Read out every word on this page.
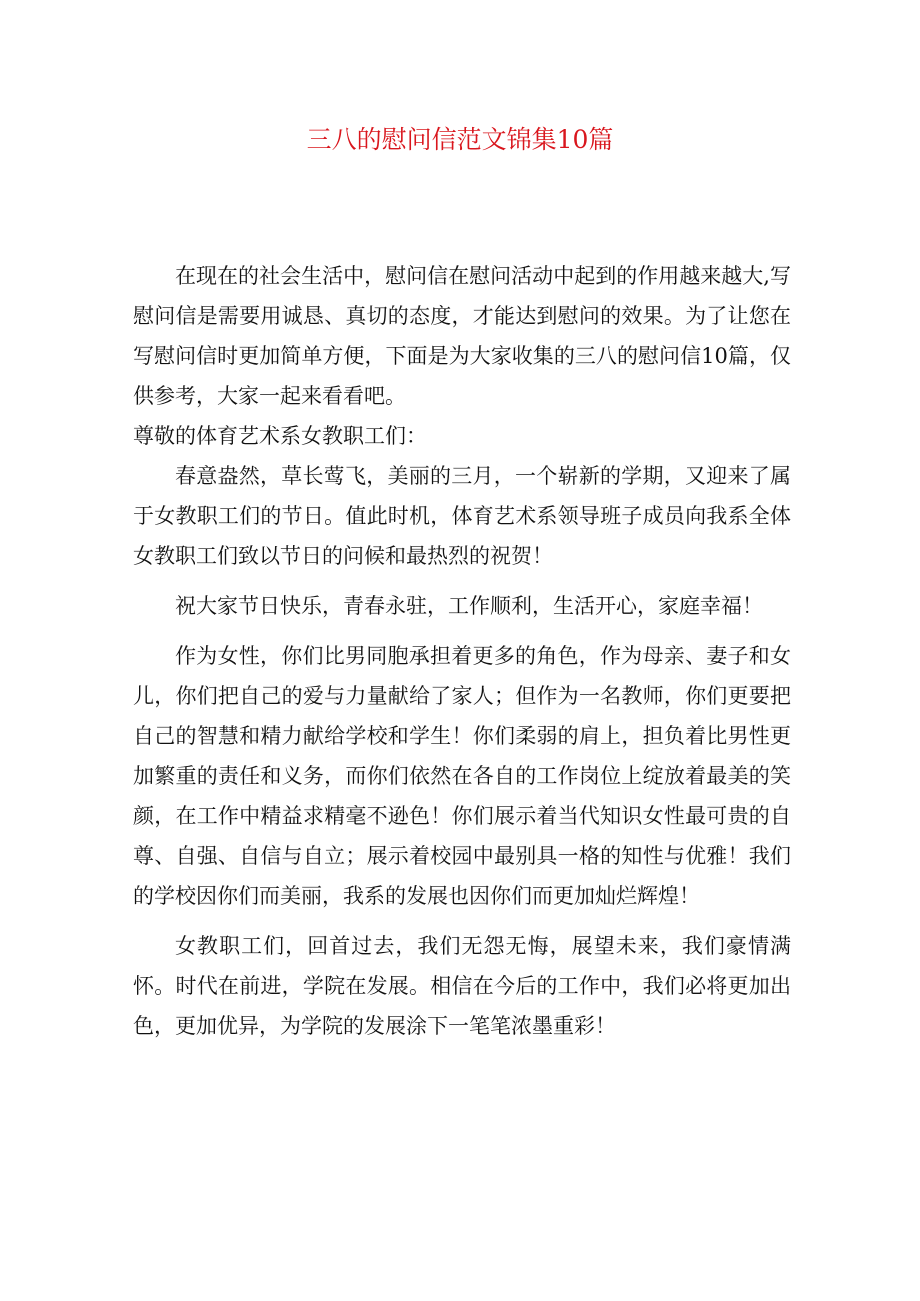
三八的慰问信范文锦集10篇

在现在的社会生活中，慰问信在慰问活动中起到的作用越来越大,写慰问信是需要用诚恳、真切的态度，才能达到慰问的效果。为了让您在写慰问信时更加简单方便，下面是为大家收集的三八的慰问信10篇，仅供参考，大家一起来看看吧。

尊敬的体育艺术系女教职工们：

春意盎然，草长莺飞，美丽的三月，一个崭新的学期，又迎来了属于女教职工们的节日。值此时机，体育艺术系领导班子成员向我系全体女教职工们致以节日的问候和最热烈的祝贺！

祝大家节日快乐，青春永驻，工作顺利，生活开心，家庭幸福！

作为女性，你们比男同胞承担着更多的角色，作为母亲、妻子和女儿，你们把自己的爱与力量献给了家人；但作为一名教师，你们更要把自己的智慧和精力献给学校和学生！你们柔弱的肩上，担负着比男性更加繁重的责任和义务，而你们依然在各自的工作岗位上绽放着最美的笑颜，在工作中精益求精毫不逊色！你们展示着当代知识女性最可贵的自尊、自强、自信与自立；展示着校园中最别具一格的知性与优雅！我们的学校因你们而美丽，我系的发展也因你们而更加灿烂辉煌！

女教职工们，回首过去，我们无怨无悔，展望未来，我们豪情满怀。时代在前进，学院在发展。相信在今后的工作中，我们必将更加出色，更加优异，为学院的发展涂下一笔笔浓墨重彩！
